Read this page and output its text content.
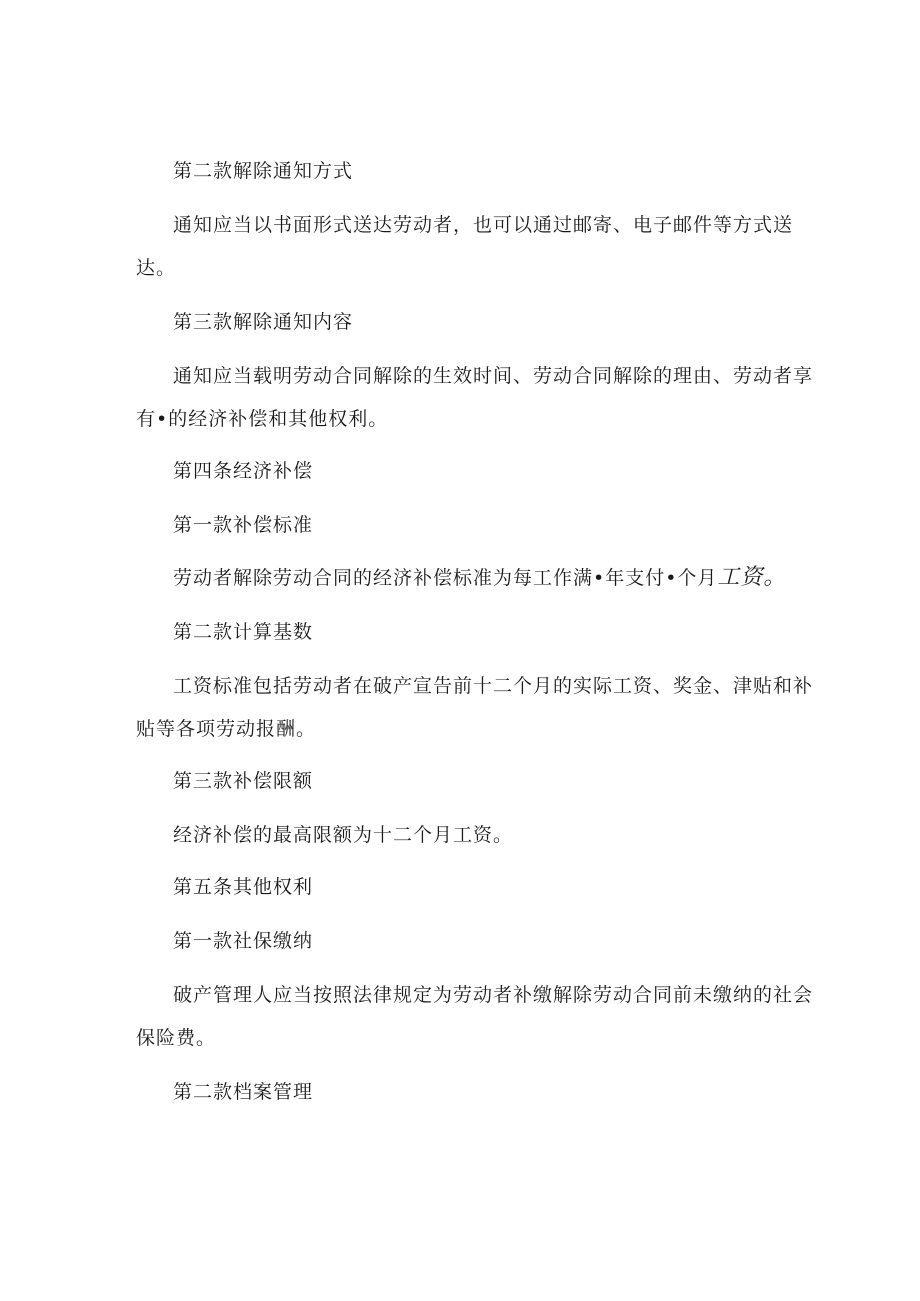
第二款解除通知方式
通知应当以书面形式送达劳动者，也可以通过邮寄、电子邮件等方式送
达。
第三款解除通知内容
通知应当载明劳动合同解除的生效时间、劳动合同解除的理由、劳动者享
有•的经济补偿和其他权利。
第四条经济补偿
第一款补偿标准
劳动者解除劳动合同的经济补偿标准为每工作满•年支付•个月工资。
第二款计算基数
工资标准包括劳动者在破产宣告前十二个月的实际工资、奖金、津贴和补
贴等各项劳动报酬。
第三款补偿限额
经济补偿的最高限额为十二个月工资。
第五条其他权利
第一款社保缴纳
破产管理人应当按照法律规定为劳动者补缴解除劳动合同前未缴纳的社会
保险费。
第二款档案管理
